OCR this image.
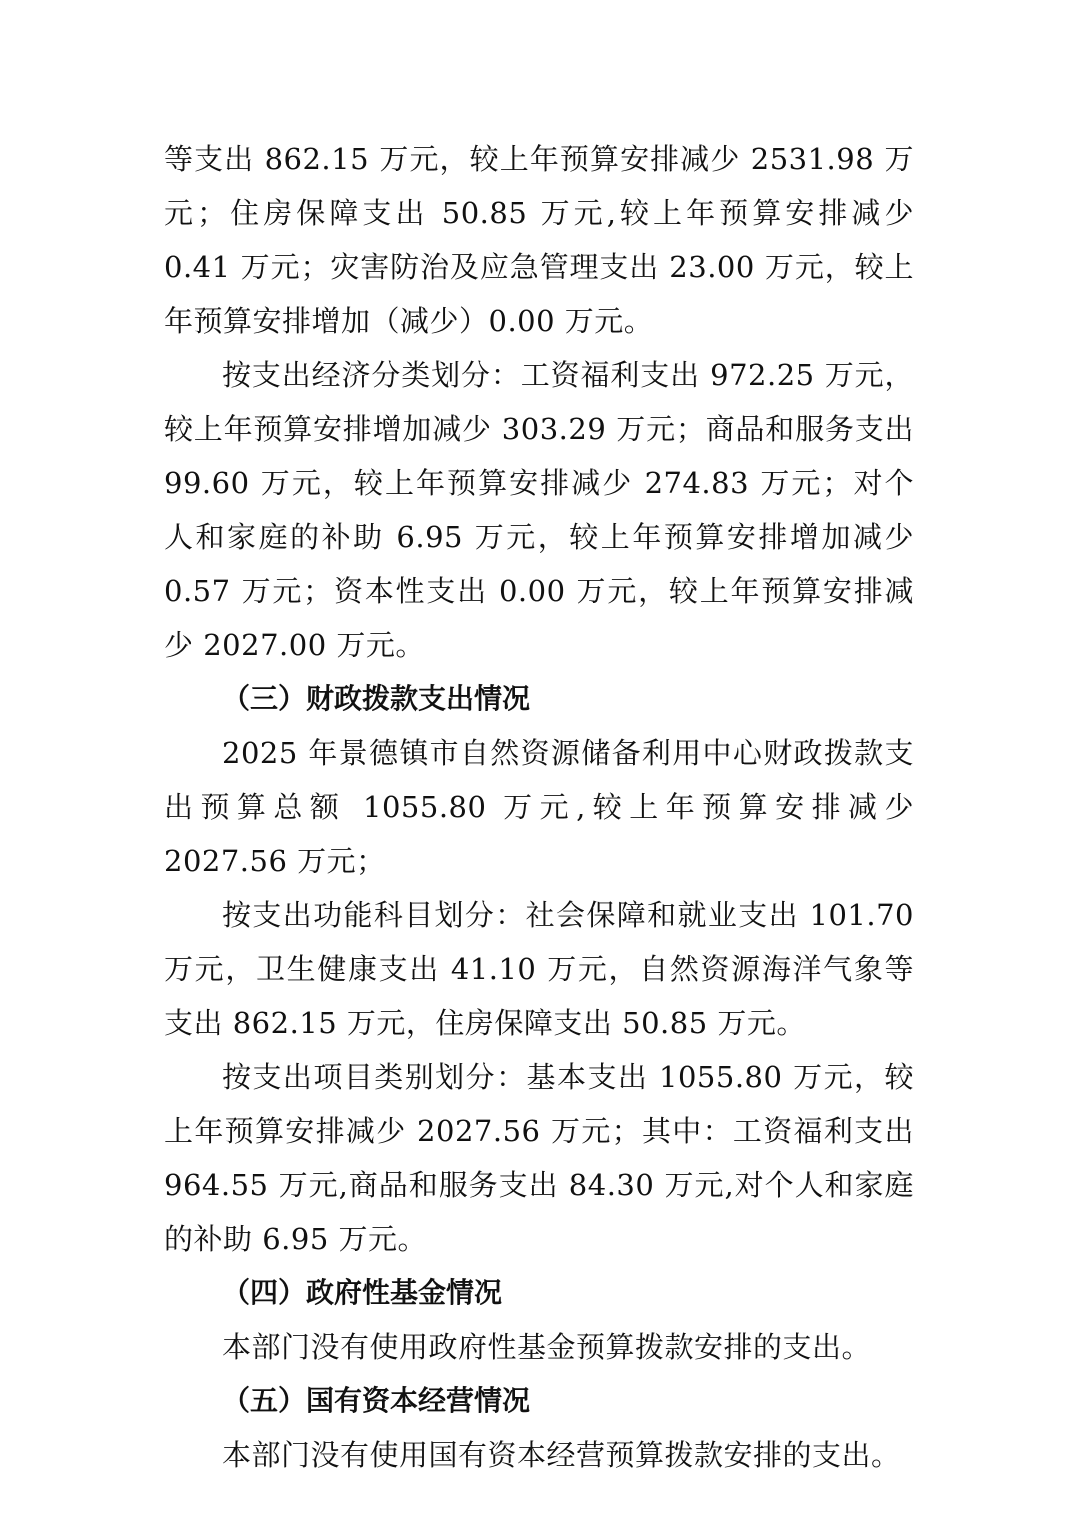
等支出 862.15 万元，较上年预算安排减少 2531.98 万元；住房保障支出 50.85 万元,较上年预算安排减少 0.41 万元；灾害防治及应急管理支出 23.00 万元，较上年预算安排增加（减少）0.00 万元。

按支出经济分类划分：工资福利支出 972.25 万元，较上年预算安排增加减少 303.29 万元；商品和服务支出 99.60 万元，较上年预算安排减少 274.83 万元；对个人和家庭的补助 6.95 万元，较上年预算安排增加减少 0.57 万元；资本性支出 0.00 万元，较上年预算安排减少 2027.00 万元。

（三）财政拨款支出情况

2025 年景德镇市自然资源储备利用中心财政拨款支出预算总额 1055.80 万元,较上年预算安排减少 2027.56 万元；

按支出功能科目划分：社会保障和就业支出 101.70 万元，卫生健康支出 41.10 万元，自然资源海洋气象等支出 862.15 万元，住房保障支出 50.85 万元。

按支出项目类别划分：基本支出 1055.80 万元，较上年预算安排减少 2027.56 万元；其中：工资福利支出 964.55 万元,商品和服务支出 84.30 万元,对个人和家庭的补助 6.95 万元。

（四）政府性基金情况

本部门没有使用政府性基金预算拨款安排的支出。

（五）国有资本经营情况

本部门没有使用国有资本经营预算拨款安排的支出。
